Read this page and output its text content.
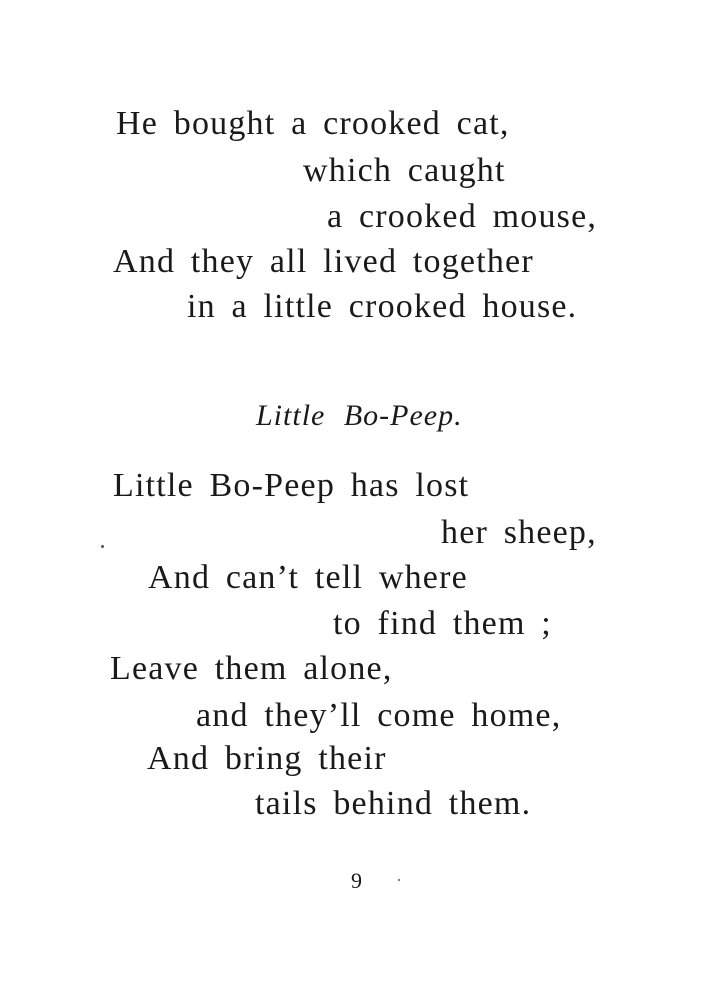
He bought a crooked cat,
which caught
a crooked mouse,
And they all lived together
in a little crooked house.
Little Bo-Peep.
Little Bo-Peep has lost
her sheep,
And can’t tell where
to find them ;
Leave them alone,
and they’ll come home,
And bring their
tails behind them.
9
